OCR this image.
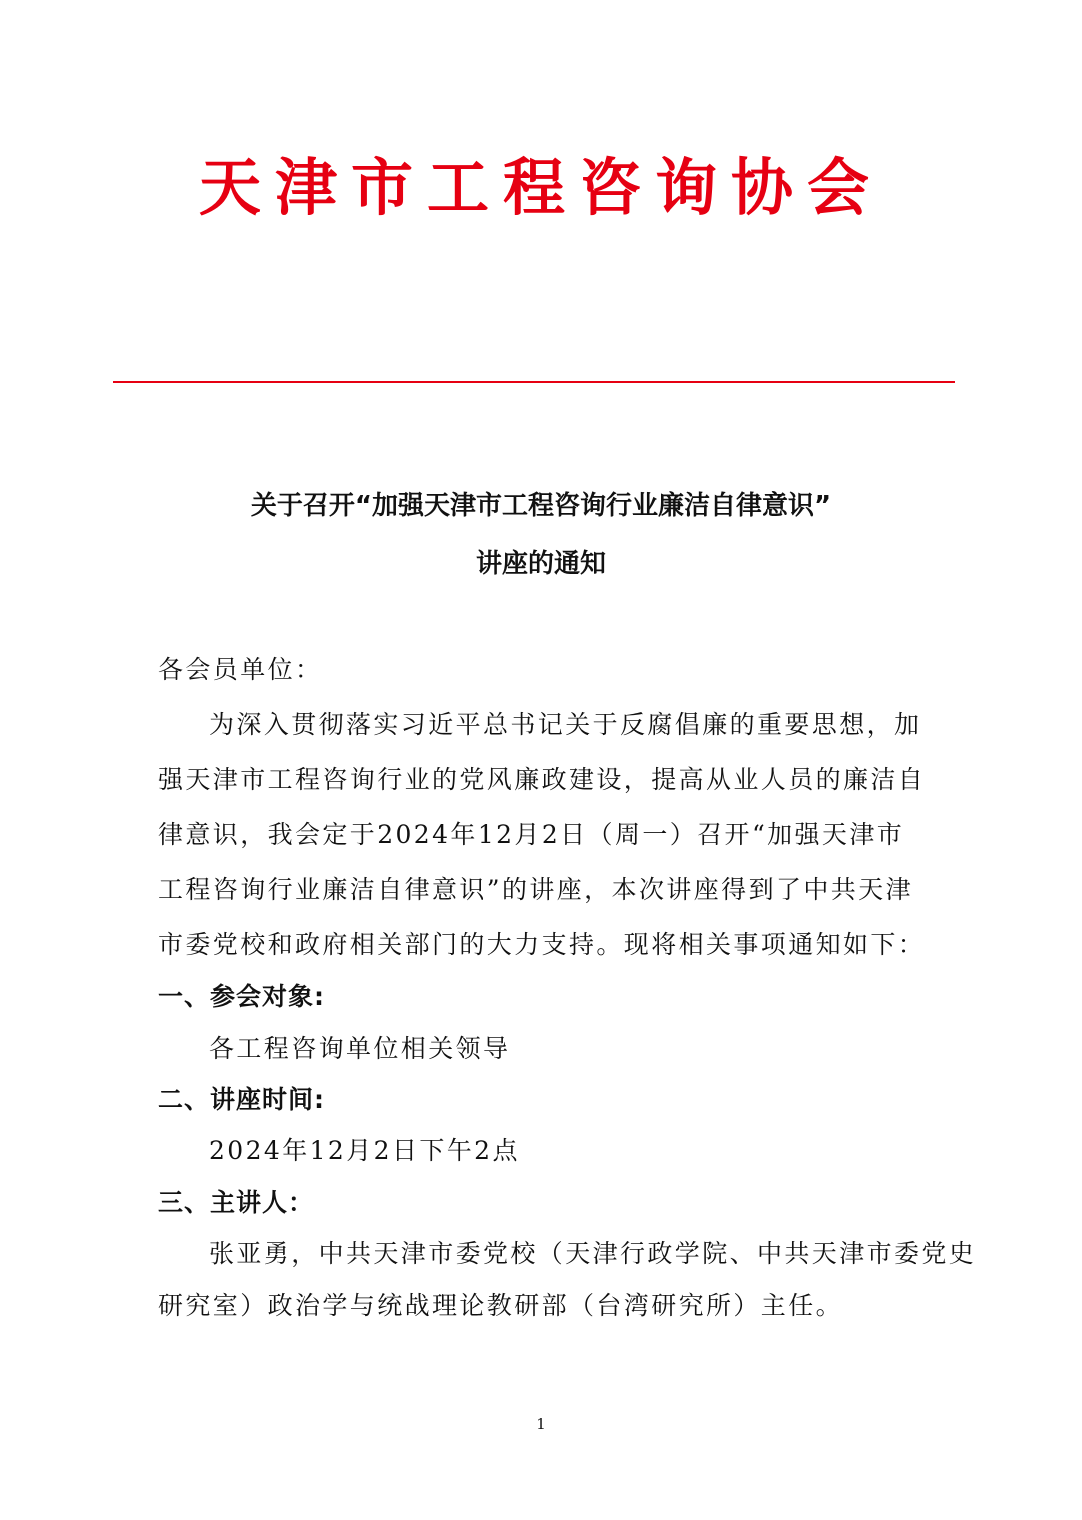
天津市工程咨询协会
关于召开“加强天津市工程咨询行业廉洁自律意识”
讲座的通知
各会员单位：
为深入贯彻落实习近平总书记关于反腐倡廉的重要思想，加
强天津市工程咨询行业的党风廉政建设，提高从业人员的廉洁自
律意识，我会定于2024年12月2日（周一）召开“加强天津市
工程咨询行业廉洁自律意识”的讲座，本次讲座得到了中共天津
市委党校和政府相关部门的大力支持。现将相关事项通知如下：
一、参会对象:
各工程咨询单位相关领导
二、讲座时间:
2024年12月2日下午2点
三、主讲人：
张亚勇，中共天津市委党校（天津行政学院、中共天津市委党史
研究室）政治学与统战理论教研部（台湾研究所）主任。
1
